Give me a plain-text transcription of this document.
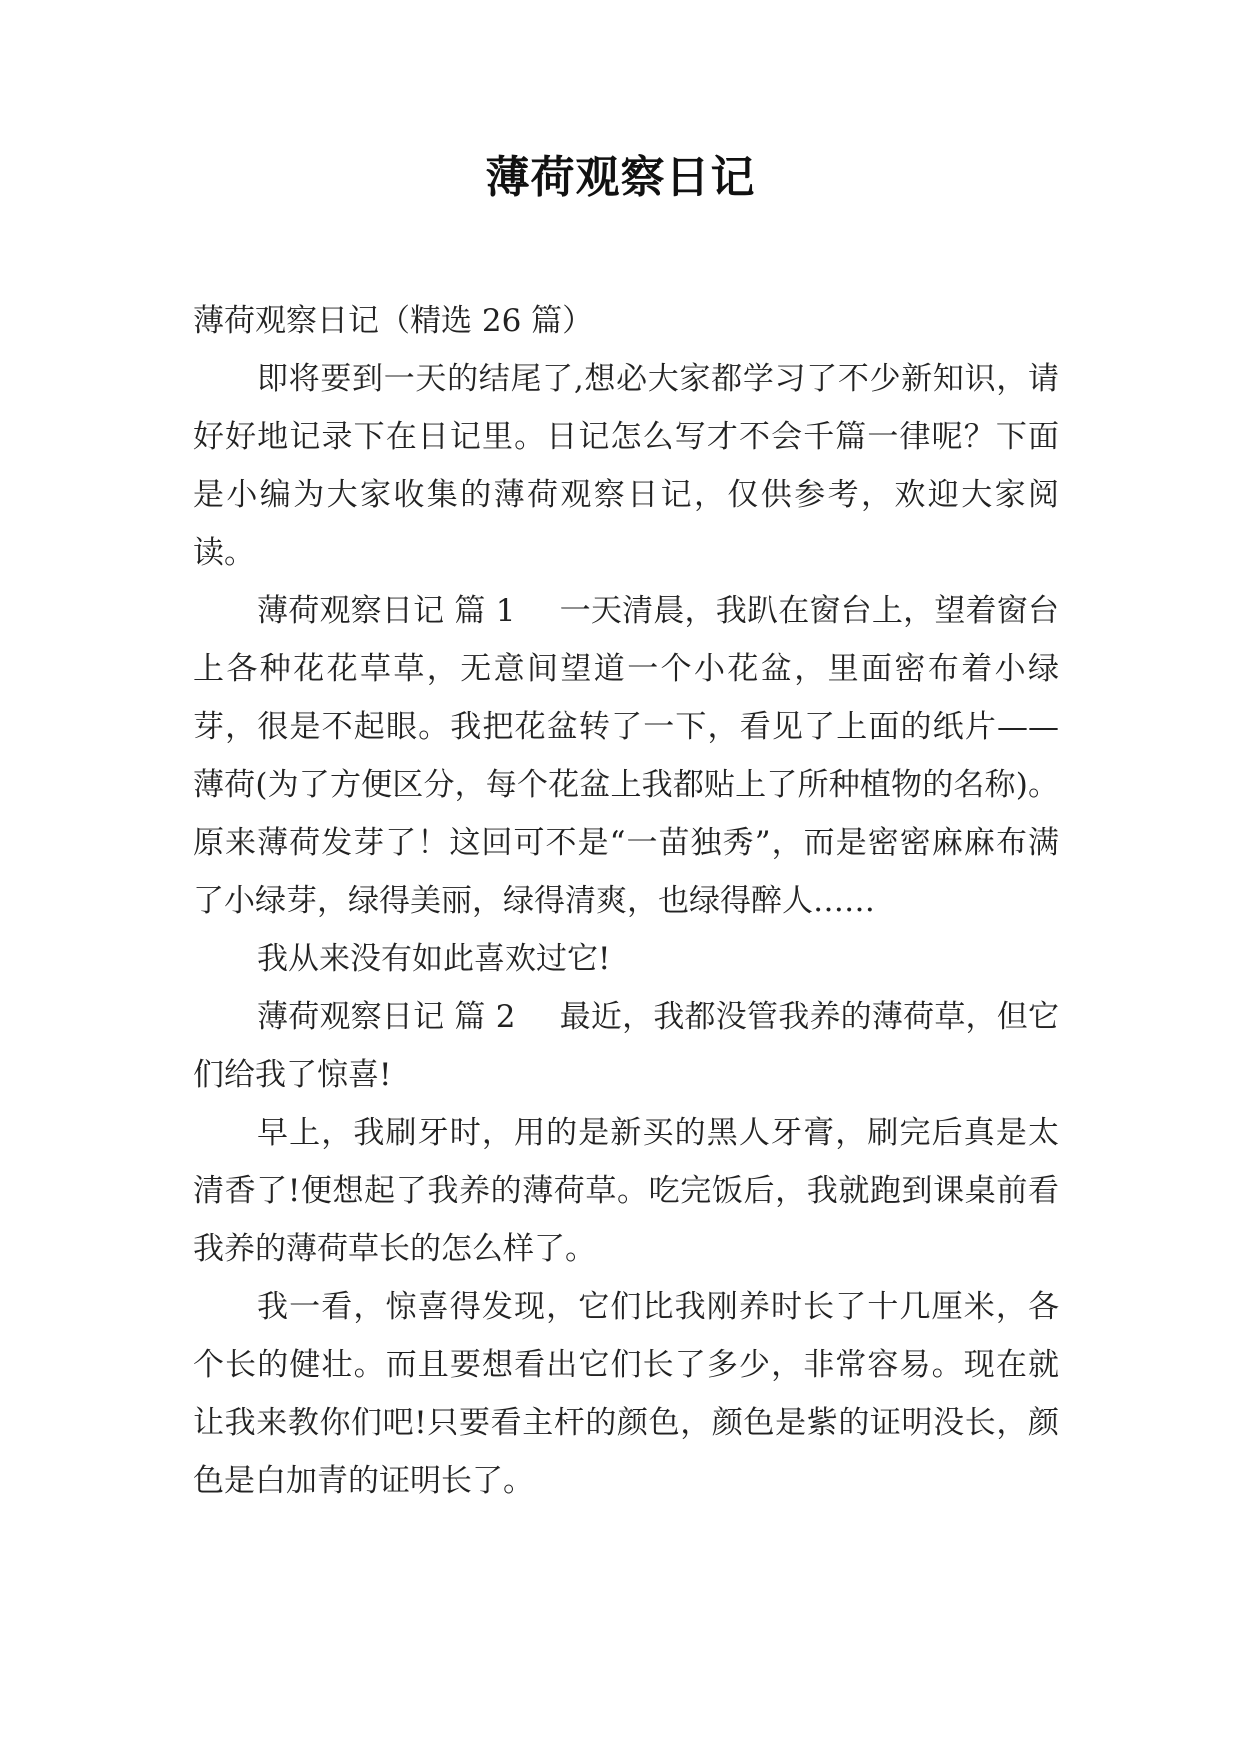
薄荷观察日记

薄荷观察日记（精选 26 篇）

即将要到一天的结尾了,想必大家都学习了不少新知识，请好好地记录下在日记里。日记怎么写才不会千篇一律呢？下面是小编为大家收集的薄荷观察日记，仅供参考，欢迎大家阅读。

薄荷观察日记 篇 1 一天清晨，我趴在窗台上，望着窗台上各种花花草草，无意间望道一个小花盆，里面密布着小绿芽，很是不起眼。我把花盆转了一下，看见了上面的纸片——薄荷(为了方便区分，每个花盆上我都贴上了所种植物的名称)。原来薄荷发芽了！这回可不是“一苗独秀”，而是密密麻麻布满了小绿芽，绿得美丽，绿得清爽，也绿得醉人……

我从来没有如此喜欢过它!

薄荷观察日记 篇 2 最近，我都没管我养的薄荷草，但它们给我了惊喜!

早上，我刷牙时，用的是新买的黑人牙膏，刷完后真是太清香了!便想起了我养的薄荷草。吃完饭后，我就跑到课桌前看我养的薄荷草长的怎么样了。

我一看，惊喜得发现，它们比我刚养时长了十几厘米，各个长的健壮。而且要想看出它们长了多少，非常容易。现在就让我来教你们吧!只要看主杆的颜色，颜色是紫的证明没长，颜色是白加青的证明长了。
